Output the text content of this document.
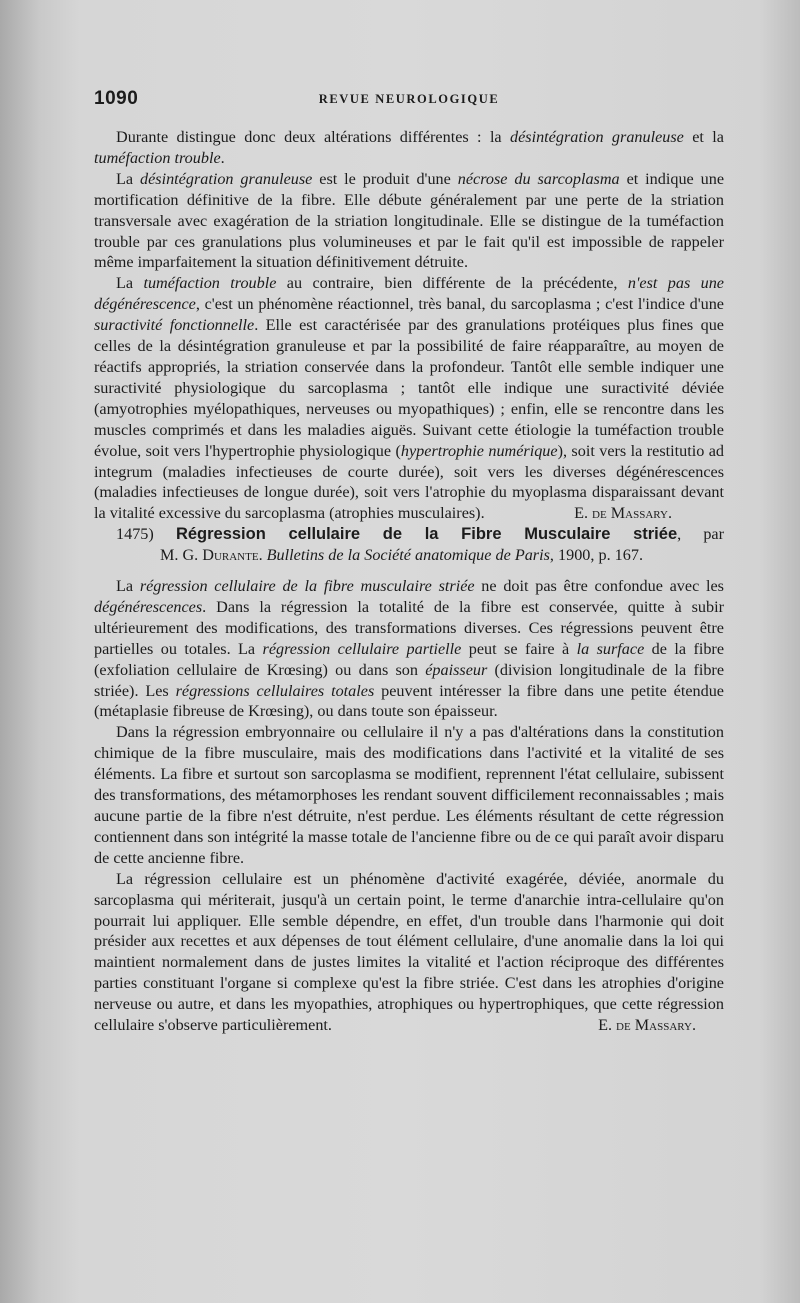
1090	REVUE NEUROLOGIQUE

Durante distingue donc deux altérations différentes : la désintégration granuleuse et la tuméfaction trouble.

La désintégration granuleuse est le produit d'une nécrose du sarcoplasma et indique une mortification définitive de la fibre. Elle débute généralement par une perte de la striation transversale avec exagération de la striation longitudinale. Elle se distingue de la tuméfaction trouble par ces granulations plus volumineuses et par le fait qu'il est impossible de rappeler même imparfaitement la situation définitivement détruite.

La tuméfaction trouble au contraire, bien différente de la précédente, n'est pas une dégénérescence, c'est un phénomène réactionnel, très banal, du sarcoplasma ; c'est l'indice d'une suractivité fonctionnelle. Elle est caractérisée par des granulations protéiques plus fines que celles de la désintégration granuleuse et par la possibilité de faire réapparaître, au moyen de réactifs appropriés, la striation conservée dans la profondeur. Tantôt elle semble indiquer une suractivité physiologique du sarcoplasma ; tantôt elle indique une suractivité déviée (amyotrophies myélopathiques, nerveuses ou myopathiques) ; enfin, elle se rencontre dans les muscles comprimés et dans les maladies aiguës. Suivant cette étiologie la tuméfaction trouble évolue, soit vers l'hypertrophie physiologique (hypertrophie numérique), soit vers la restitutio ad integrum (maladies infectieuses de courte durée), soit vers les diverses dégénérescences (maladies infectieuses de longue durée), soit vers l'atrophie du myoplasma disparaissant devant la vitalité excessive du sarcoplasma (atrophies musculaires).	E. de Massary.

1475) Régression cellulaire de la Fibre Musculaire striée, par

M. G. Durante. Bulletins de la Société anatomique de Paris, 1900, p. 167.

La régression cellulaire de la fibre musculaire striée ne doit pas être confondue avec les dégénérescences. Dans la régression la totalité de la fibre est conservée, quitte à subir ultérieurement des modifications, des transformations diverses. Ces régressions peuvent être partielles ou totales. La régression cellulaire partielle peut se faire à la surface de la fibre (exfoliation cellulaire de Krœsing) ou dans son épaisseur (division longitudinale de la fibre striée). Les régressions cellulaires totales peuvent intéresser la fibre dans une petite étendue (métaplasie fibreuse de Krœsing), ou dans toute son épaisseur.

Dans la régression embryonnaire ou cellulaire il n'y a pas d'altérations dans la constitution chimique de la fibre musculaire, mais des modifications dans l'activité et la vitalité de ses éléments. La fibre et surtout son sarcoplasma se modifient, reprennent l'état cellulaire, subissent des transformations, des métamorphoses les rendant souvent difficilement reconnaissables ; mais aucune partie de la fibre n'est détruite, n'est perdue. Les éléments résultant de cette régression contiennent dans son intégrité la masse totale de l'ancienne fibre ou de ce qui paraît avoir disparu de cette ancienne fibre.

La régression cellulaire est un phénomène d'activité exagérée, déviée, anormale du sarcoplasma qui mériterait, jusqu'à un certain point, le terme d'anarchie intra-cellulaire qu'on pourrait lui appliquer. Elle semble dépendre, en effet, d'un trouble dans l'harmonie qui doit présider aux recettes et aux dépenses de tout élément cellulaire, d'une anomalie dans la loi qui maintient normalement dans de justes limites la vitalité et l'action réciproque des différentes parties constituant l'organe si complexe qu'est la fibre striée. C'est dans les atrophies d'origine nerveuse ou autre, et dans les myopathies, atrophiques ou hypertrophiques, que cette régression cellulaire s'observe particulièrement.	E. de Massary.
